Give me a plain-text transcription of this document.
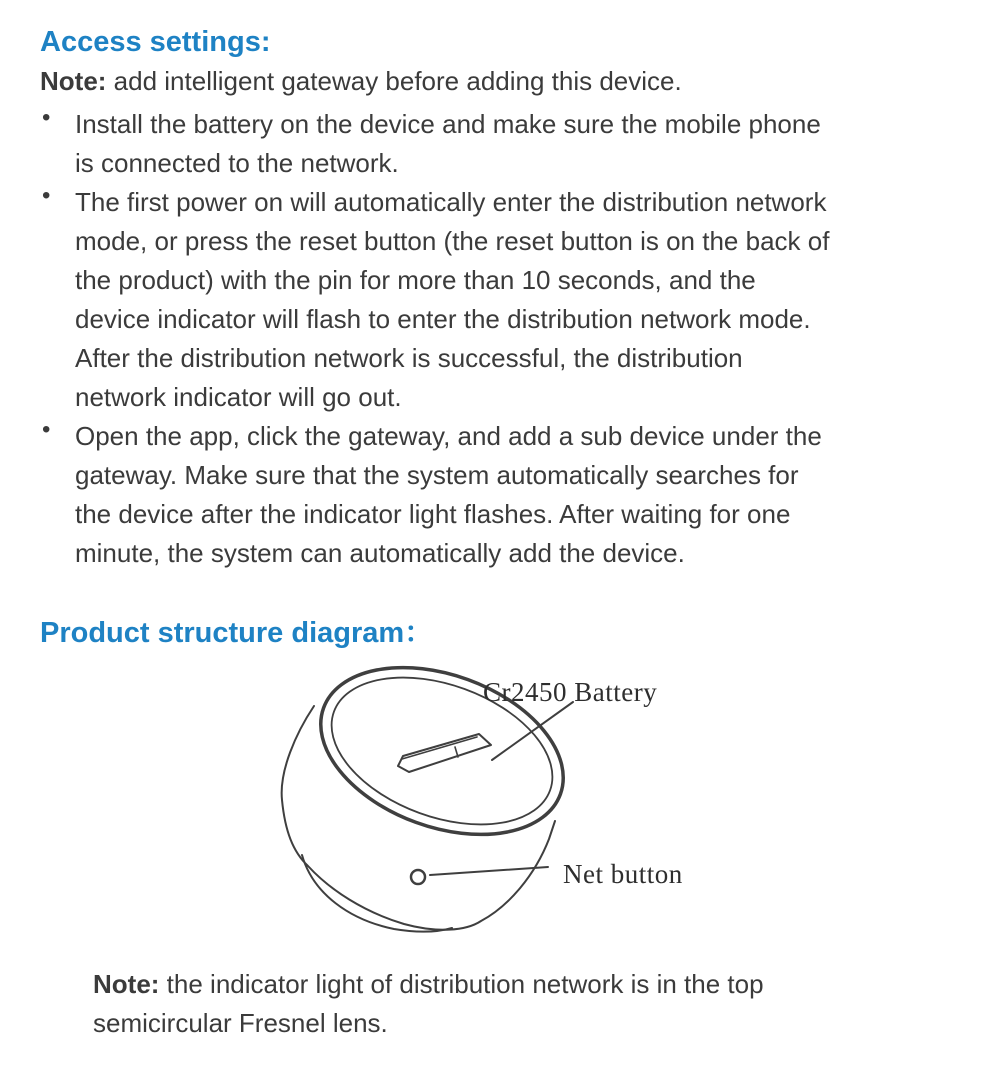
Access settings:

Note: add intelligent gateway before adding this device.

• Install the battery on the device and make sure the mobile phone
is connected to the network.
• The first power on will automatically enter the distribution network
mode, or press the reset button (the reset button is on the back of
the product) with the pin for more than 10 seconds, and the
device indicator will flash to enter the distribution network mode.
After the distribution network is successful, the distribution
network indicator will go out.
• Open the app, click the gateway, and add a sub device under the
gateway. Make sure that the system automatically searches for
the device after the indicator light flashes. After waiting for one
minute, the system can automatically add the device.
Product structure diagram：
Cr2450 Battery
Net button

Note: the indicator light of distribution network is in the top
semicircular Fresnel lens.
